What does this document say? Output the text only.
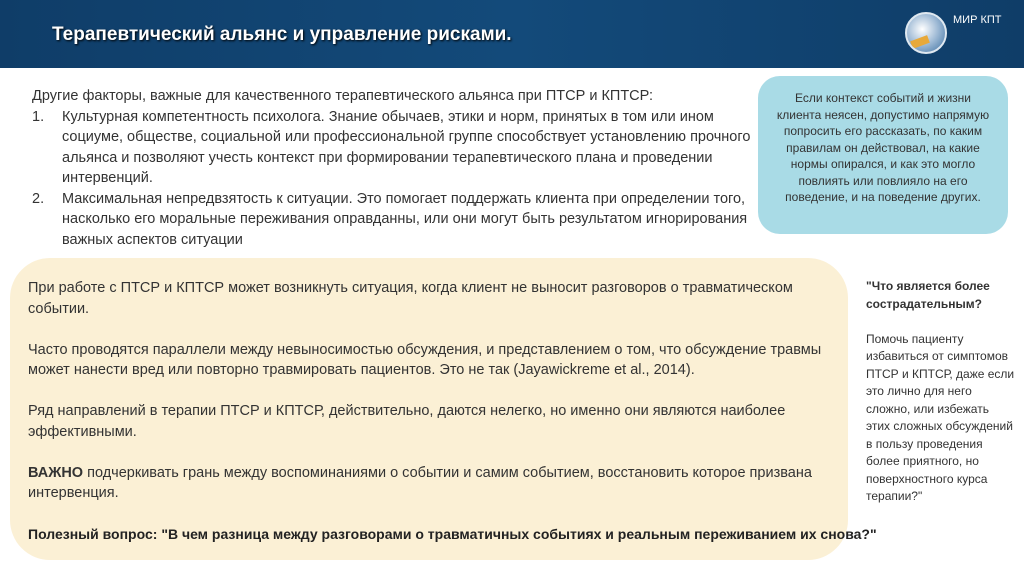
Терапевтический альянс и управление рисками.
МИР КПТ
Другие факторы, важные для качественного терапевтического альянса при ПТСР и КПТСР:
1. Культурная компетентность психолога. Знание обычаев, этики и норм, принятых в том или ином социуме, обществе, социальной или профессиональной группе способствует установлению прочного альянса и позволяют учесть контекст при формировании терапевтического плана и проведении интервенций.
2. Максимальная непредвзятость к ситуации. Это помогает поддержать клиента при определении того, насколько его моральные переживания оправданны, или они могут быть результатом игнорирования важных аспектов ситуации
Если контекст событий и жизни клиента неясен, допустимо напрямую попросить его рассказать, по каким правилам он действовал, на какие нормы опирался, и как это могло повлиять или повлияло на его поведение, и на поведение других.

При работе с ПТСР и КПТСР может возникнуть ситуация, когда клиент не выносит разговоров о травматическом событии.

Часто проводятся параллели между невыносимостью обсуждения, и представлением о том, что обсуждение травмы может нанести вред или повторно травмировать пациентов. Это не так (Jayawickreme et al., 2014).

Ряд направлений в терапии ПТСР и КПТСР, действительно, даются нелегко, но именно они являются наиболее эффективными.

ВАЖНО подчеркивать грань между воспоминаниями о событии и самим событием, восстановить которое призвана интервенция.

Полезный вопрос: "В чем разница между разговорами о травматичных событиях и реальным переживанием их снова?"
"Что является более сострадательным?
Помочь пациенту избавиться от симптомов ПТСР и КПТСР, даже если это лично для него сложно, или избежать этих сложных обсуждений в пользу проведения более приятного, но поверхностного курса терапии?"
